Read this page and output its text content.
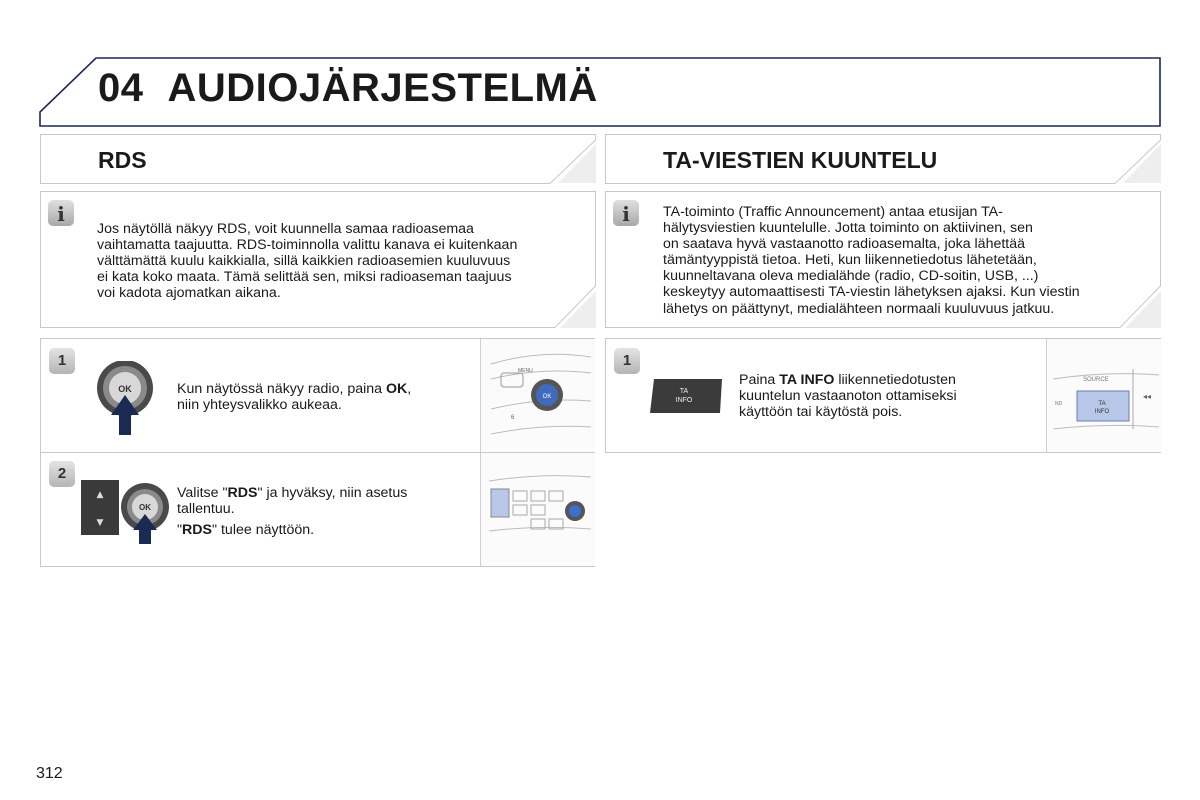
04 AUDIOJÄRJESTELMÄ
RDS	TA-VIESTIEN KUUNTELU
i
Jos näytöllä näkyy RDS, voit kuunnella samaa radioasemaa
vaihtamatta taajuutta. RDS-toiminnolla valittu kanava ei kuitenkaan
välttämättä kuulu kaikkialla, sillä kaikkien radioasemien kuuluvuus
ei kata koko maata. Tämä selittää sen, miksi radioaseman taajuus
voi kadota ajomatkan aikana.
i	TA-toiminto (Traffic Announcement) antaa etusijan TA-
hälytysviestien kuuntelulle. Jotta toiminto on aktiivinen, sen
on saatava hyvä vastaanotto radioasemalta, joka lähettää
tämäntyyppistä tietoa. Heti, kun liikennetiedotus lähetetään,
kuunneltavana oleva medialähde (radio, CD-soitin, USB, ...)
keskeytyy automaattisesti TA-viestin lähetyksen ajaksi. Kun viestin
lähetys on päättynyt, medialähteen normaali kuuluvuus jatkuu.
1
OK	Kun näytössä näkyy radio, paina OK,
niin yhteysvalikko aukeaa.
MENU
6
OK
2
▲
▼
OK
Valitse "RDS" ja hyväksy, niin asetus
tallentuu.
"RDS" tulee näyttöön.
1
TA
INFO
Paina TA INFO liikennetiedotusten
kuuntelun vastaanoton ottamiseksi
käyttöön tai käytöstä pois.
SOURCE
ND	TA
INFO
◂◂
312
